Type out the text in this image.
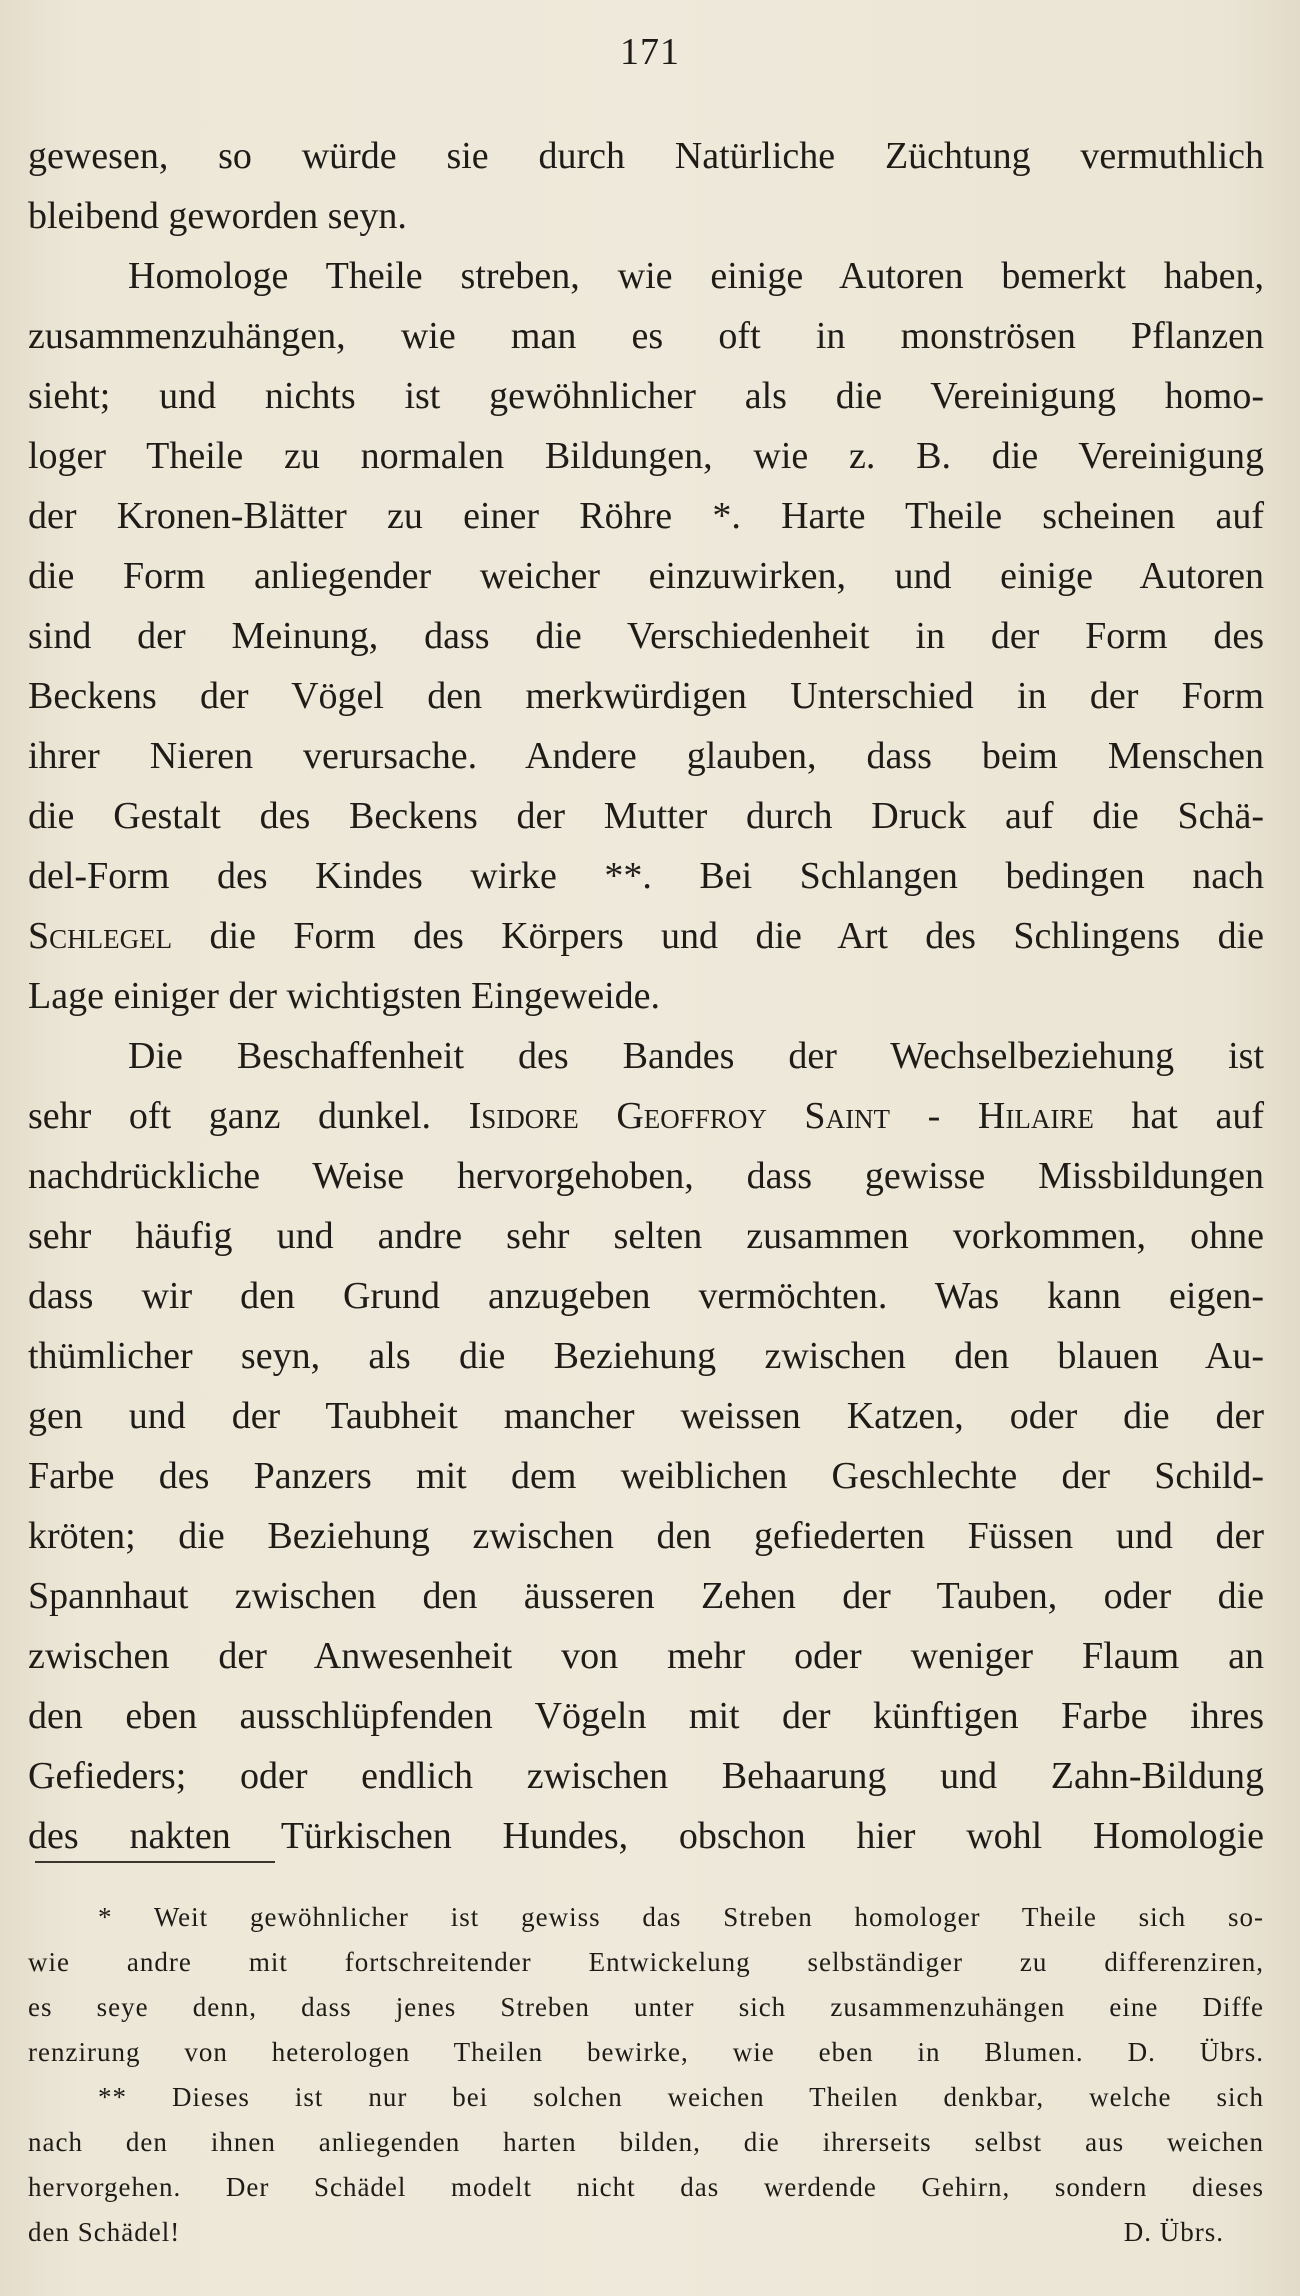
171

gewesen, so würde sie durch Natürliche Züchtung vermuthlich

bleibend geworden seyn.

Homologe Theile streben, wie einige Autoren bemerkt haben,

zusammenzuhängen, wie man es oft in monströsen Pflanzen

sieht; und nichts ist gewöhnlicher als die Vereinigung homo-

loger Theile zu normalen Bildungen, wie z. B. die Vereinigung

der Kronen-Blätter zu einer Röhre *. Harte Theile scheinen auf

die Form anliegender weicher einzuwirken, und einige Autoren

sind der Meinung, dass die Verschiedenheit in der Form des

Beckens der Vögel den merkwürdigen Unterschied in der Form

ihrer Nieren verursache. Andere glauben, dass beim Menschen

die Gestalt des Beckens der Mutter durch Druck auf die Schä-

del-Form des Kindes wirke **. Bei Schlangen bedingen nach

Schlegel die Form des Körpers und die Art des Schlingens die

Lage einiger der wichtigsten Eingeweide.

Die Beschaffenheit des Bandes der Wechselbeziehung ist

sehr oft ganz dunkel. Isidore Geoffroy Saint - Hilaire hat auf

nachdrückliche Weise hervorgehoben, dass gewisse Missbildungen

sehr häufig und andre sehr selten zusammen vorkommen, ohne

dass wir den Grund anzugeben vermöchten. Was kann eigen-

thümlicher seyn, als die Beziehung zwischen den blauen Au-

gen und der Taubheit mancher weissen Katzen, oder die der

Farbe des Panzers mit dem weiblichen Geschlechte der Schild-

kröten; die Beziehung zwischen den gefiederten Füssen und der

Spannhaut zwischen den äusseren Zehen der Tauben, oder die

zwischen der Anwesenheit von mehr oder weniger Flaum an

den eben ausschlüpfenden Vögeln mit der künftigen Farbe ihres

Gefieders; oder endlich zwischen Behaarung und Zahn-Bildung

des nakten Türkischen Hundes, obschon hier wohl Homologie

* Weit gewöhnlicher ist gewiss das Streben homologer Theile sich so-

wie andre mit fortschreitender Entwickelung selbständiger zu differenziren,

es seye denn, dass jenes Streben unter sich zusammenzuhängen eine Diffe

renzirung von heterologen Theilen bewirke, wie eben in Blumen. D. Übrs.

** Dieses ist nur bei solchen weichen Theilen denkbar, welche sich

nach den ihnen anliegenden harten bilden, die ihrerseits selbst aus weichen

hervorgehen. Der Schädel modelt nicht das werdende Gehirn, sondern dieses

den Schädel!	D. Übrs.
